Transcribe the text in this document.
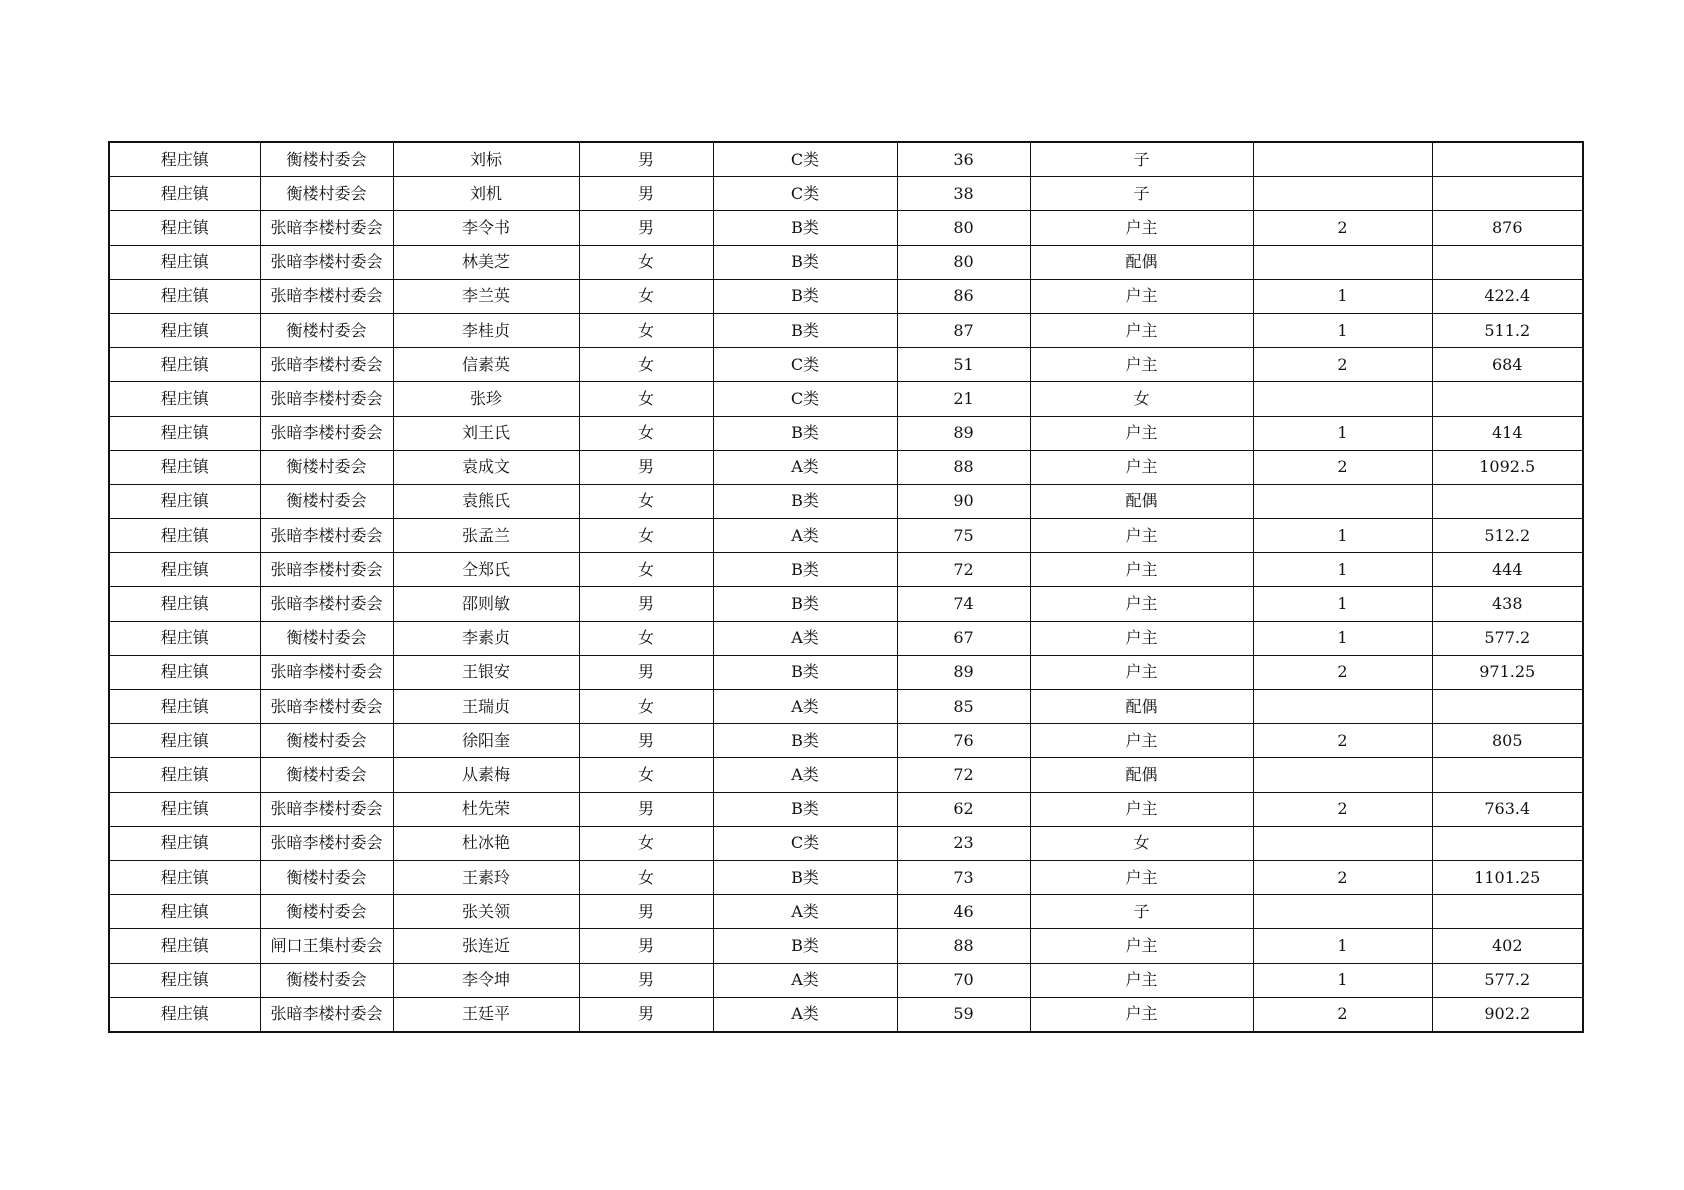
程庄镇	衡楼村委会	刘标	男	C类	36	子		
程庄镇	衡楼村委会	刘机	男	C类	38	子		
程庄镇	张暗李楼村委会	李令书	男	B类	80	户主	2	876
程庄镇	张暗李楼村委会	林美芝	女	B类	80	配偶		
程庄镇	张暗李楼村委会	李兰英	女	B类	86	户主	1	422.4
程庄镇	衡楼村委会	李桂贞	女	B类	87	户主	1	511.2
程庄镇	张暗李楼村委会	信素英	女	C类	51	户主	2	684
程庄镇	张暗李楼村委会	张珍	女	C类	21	女		
程庄镇	张暗李楼村委会	刘王氏	女	B类	89	户主	1	414
程庄镇	衡楼村委会	袁成文	男	A类	88	户主	2	1092.5
程庄镇	衡楼村委会	袁熊氏	女	B类	90	配偶		
程庄镇	张暗李楼村委会	张孟兰	女	A类	75	户主	1	512.2
程庄镇	张暗李楼村委会	仝郑氏	女	B类	72	户主	1	444
程庄镇	张暗李楼村委会	邵则敏	男	B类	74	户主	1	438
程庄镇	衡楼村委会	李素贞	女	A类	67	户主	1	577.2
程庄镇	张暗李楼村委会	王银安	男	B类	89	户主	2	971.25
程庄镇	张暗李楼村委会	王瑞贞	女	A类	85	配偶		
程庄镇	衡楼村委会	徐阳奎	男	B类	76	户主	2	805
程庄镇	衡楼村委会	从素梅	女	A类	72	配偶		
程庄镇	张暗李楼村委会	杜先荣	男	B类	62	户主	2	763.4
程庄镇	张暗李楼村委会	杜冰艳	女	C类	23	女		
程庄镇	衡楼村委会	王素玲	女	B类	73	户主	2	1101.25
程庄镇	衡楼村委会	张关领	男	A类	46	子		
程庄镇	闸口王集村委会	张连近	男	B类	88	户主	1	402
程庄镇	衡楼村委会	李令坤	男	A类	70	户主	1	577.2
程庄镇	张暗李楼村委会	王廷平	男	A类	59	户主	2	902.2
